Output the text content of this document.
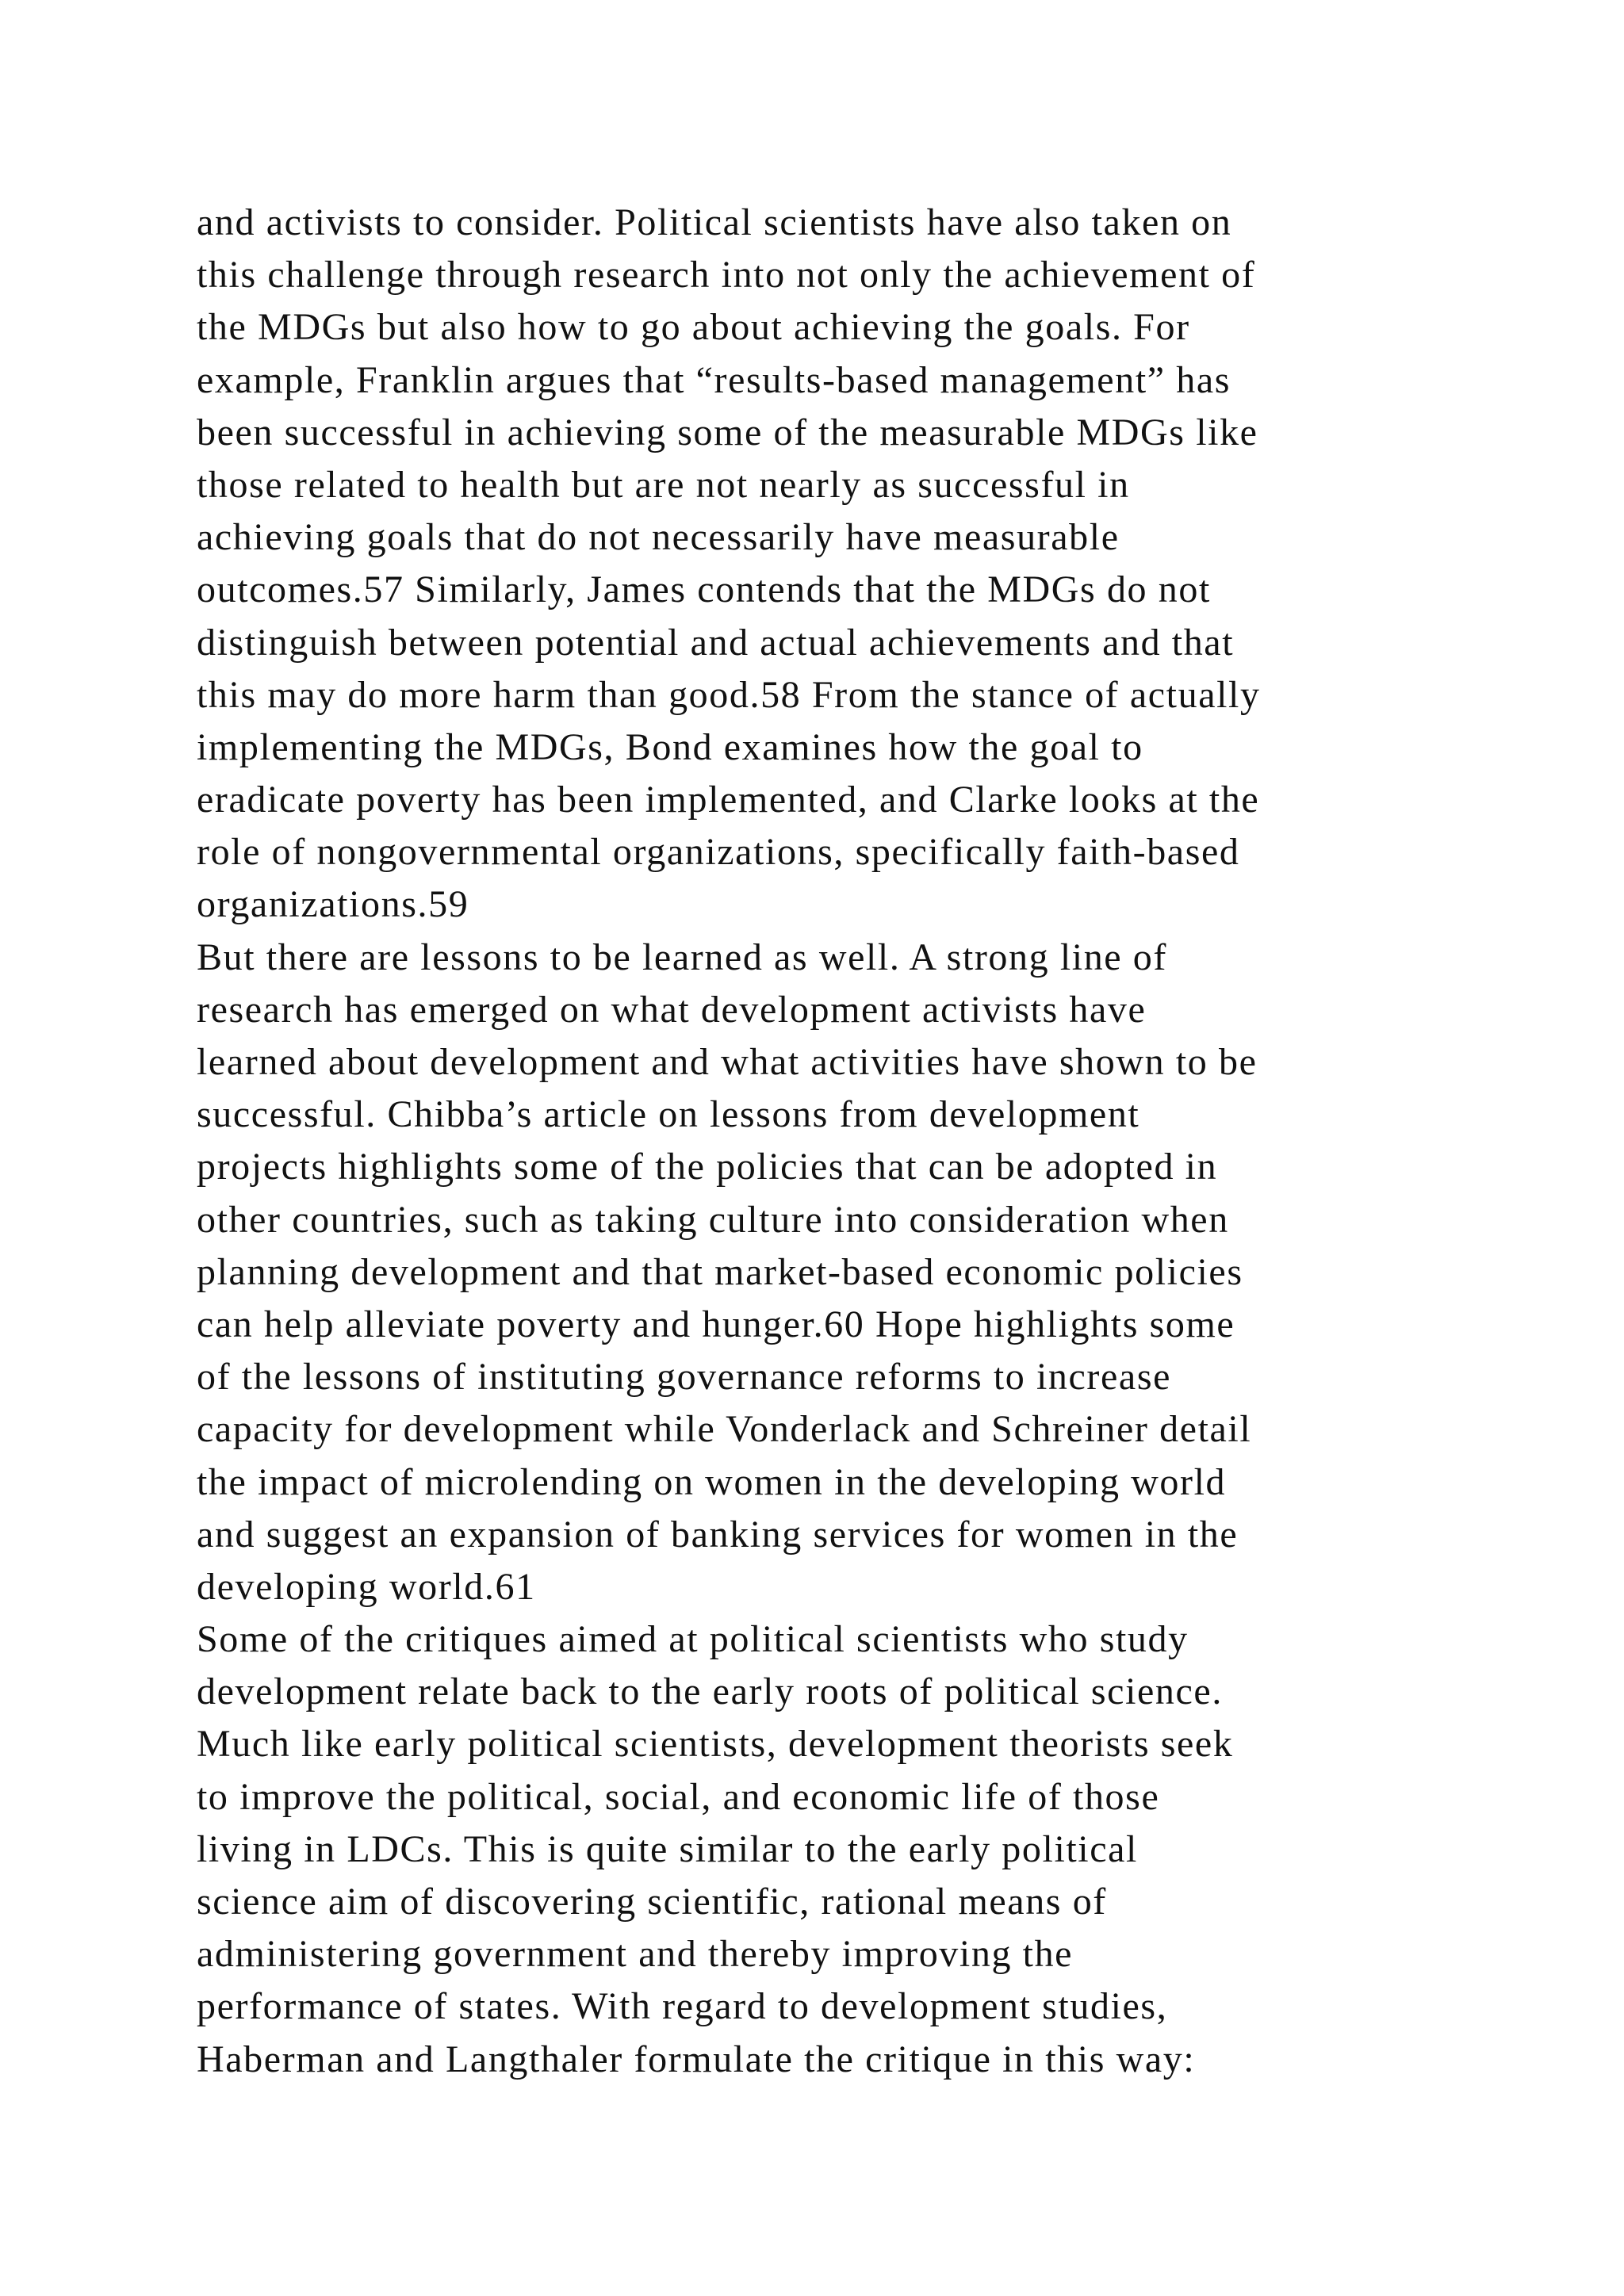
and activists to consider. Political scientists have also taken on
this challenge through research into not only the achievement of
the MDGs but also how to go about achieving the goals. For
example, Franklin argues that “results-based management” has
been successful in achieving some of the measurable MDGs like
those related to health but are not nearly as successful in
achieving goals that do not necessarily have measurable
outcomes.57 Similarly, James contends that the MDGs do not
distinguish between potential and actual achievements and that
this may do more harm than good.58 From the stance of actually
implementing the MDGs, Bond examines how the goal to
eradicate poverty has been implemented, and Clarke looks at the
role of nongovernmental organizations, specifically faith-based
organizations.59
But there are lessons to be learned as well. A strong line of
research has emerged on what development activists have
learned about development and what activities have shown to be
successful. Chibba’s article on lessons from development
projects highlights some of the policies that can be adopted in
other countries, such as taking culture into consideration when
planning development and that market-based economic policies
can help alleviate poverty and hunger.60 Hope highlights some
of the lessons of instituting governance reforms to increase
capacity for development while Vonderlack and Schreiner detail
the impact of microlending on women in the developing world
and suggest an expansion of banking services for women in the
developing world.61
Some of the critiques aimed at political scientists who study
development relate back to the early roots of political science.
Much like early political scientists, development theorists seek
to improve the political, social, and economic life of those
living in LDCs. This is quite similar to the early political
science aim of discovering scientific, rational means of
administering government and thereby improving the
performance of states. With regard to development studies,
Haberman and Langthaler formulate the critique in this way:
